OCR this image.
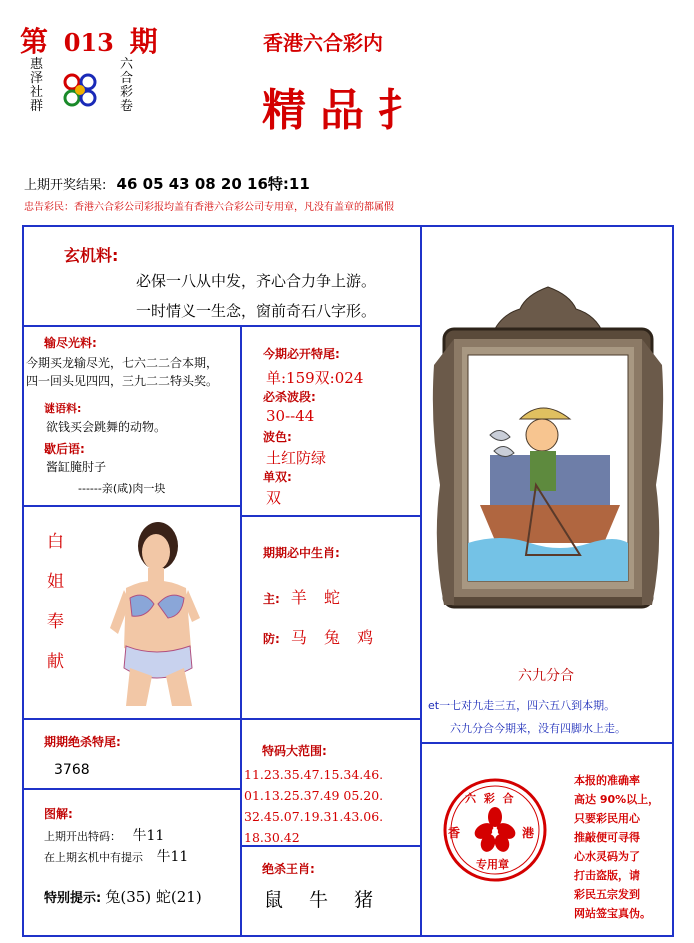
第 013 期
惠泽社群
六合彩卷
香港六合彩内
精品扌
上期开奖结果: 46 05 43 08 20 16特:11
忠告彩民：香港六合彩公司彩报均盖有香港六合彩公司专用章，凡没有盖章的都属假
玄机料:
必保一八从中发，齐心合力争上游。
一时情义一生念，窗前奇石八字形。
输尽光料:
今期买龙输尽光，七六二二合本期，
四一回头见四四，三九二二特头奖。
谜语料:
欲钱买会跳舞的动物。
歇后语:
酱缸腌肘子
------亲(咸)肉一块
今期必开特尾:
单:159双:024
必杀波段:
30--44
波色:
土红防绿
单双:
双
白
姐
奉
献
期期必中生肖:
主: 羊 蛇
防: 马 兔 鸡
六九分合
et一七对九走三五，四六五八到本期。
六九分合今期来，没有四脚水上走。
期期绝杀特尾:
3768
特码大范围:
11.23.35.47.15.34.46.
01.13.25.37.49 05.20.
32.45.07.19.31.43.06.
18.30.42
图解:
上期开出特码： 牛11
在上期玄机中有提示 牛11
特别提示: 兔(35) 蛇(21)
绝杀王肖:
鼠 牛 猪
六 彩 合
香	港
专用章
本报的准确率
高达 90%以上，
只要彩民用心
推敲便可寻得
心水灵码为了
打击盗版，请
彩民五宗发到
网站签宝真伪。
